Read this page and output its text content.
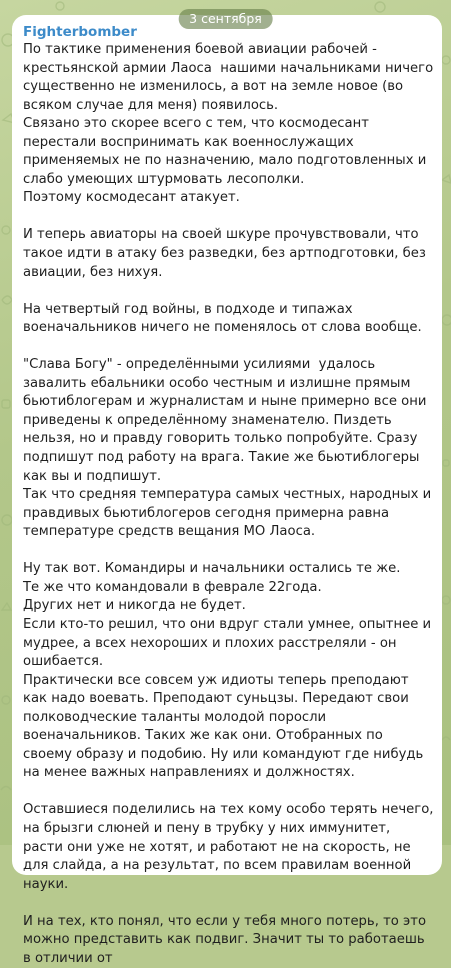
3 сентября
Fighterbomber

По тактике применения боевой авиации рабочей - крестьянской армии Лаоса  нашими начальниками ничего существенно не изменилось, а вот на земле новое (во всяком случае для меня) появилось.
Связано это скорее всего с тем, что космодесант перестали воспринимать как военнослужащих применяемых не по назначению, мало подготовленных и слабо умеющих штурмовать лесополки.
Поэтому космодесант атакует.

И теперь авиаторы на своей шкуре прочувствовали, что такое идти в атаку без разведки, без артподготовки, без авиации, без нихуя.

На четвертый год войны, в подходе и типажах военачальников ничего не поменялось от слова вообще.

"Слава Богу" - определёнными усилиями  удалось завалить ебальники особо честным и излишне прямым бьютиблогерам и журналистам и ныне примерно все они приведены к определённому знаменателю. Пиздеть нельзя, но и правду говорить только попробуйте. Сразу подпишут под работу на врага. Такие же бьютиблогеры как вы и подпишут.
Так что средняя температура самых честных, народных и правдивых бьютиблогеров сегодня примерна равна температуре средств вещания МО Лаоса.

Ну так вот. Командиры и начальники остались те же.
Те же что командовали в феврале 22года.
Других нет и никогда не будет.
Если кто-то решил, что они вдруг стали умнее, опытнее и мудрее, а всех нехороших и плохих расстреляли - он ошибается.
Практически все совсем уж идиоты теперь преподают как надо воевать. Преподают суньцзы. Передают свои полководческие таланты молодой поросли военачальников. Таких же как они. Отобранных по своему образу и подобию. Ну или командуют где нибудь на менее важных направлениях и должностях.

Оставшиеся поделились на тех кому особо терять нечего, на брызги слюней и пену в трубку у них иммунитет, расти они уже не хотят, и работают не на скорость, не для слайда, а на результат, по всем правилам военной науки.

И на тех, кто понял, что если у тебя много потерь, то это можно представить как подвиг. Значит ты то работаешь в отличии от
